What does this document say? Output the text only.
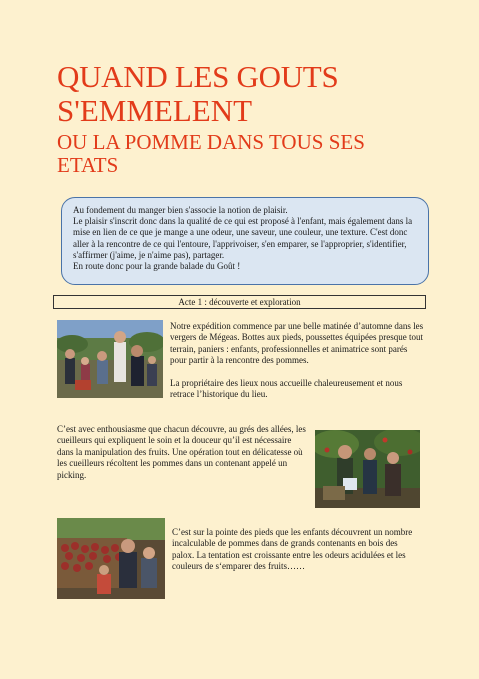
QUAND LES GOUTS
S'EMMELENT
OU LA POMME DANS TOUS SES ETATS

Au fondement du manger bien s'associe la notion de plaisir.

Le plaisir s'inscrit donc dans la qualité de ce qui est proposé à l'enfant, mais également dans la mise en lien de ce que je mange a une odeur, une saveur, une couleur, une texture. C'est donc aller à la rencontre de ce qui l'entoure, l'apprivoiser, s'en emparer, se l'approprier, s'identifier, s'affirmer (j'aime, je n'aime pas), partager.

En route donc pour la grande balade du Goût !

Acte 1 : découverte et exploration

Notre expédition commence par une belle matinée d’automne dans les vergers de Mégeas. Bottes aux pieds, poussettes équipées presque tout terrain, paniers : enfants, professionnelles et animatrice sont parés pour partir à la rencontre des pommes.

La propriétaire des lieux nous accueille chaleureusement et nous retrace l’historique du lieu.

C’est avec enthousiasme que chacun découvre, au grés des allées, les cueilleurs qui expliquent le soin et la douceur qu’il est nécessaire dans la manipulation des fruits. Une opération tout en délicatesse où les cueilleurs récoltent les pommes dans un contenant appelé un picking.

C’est sur la pointe des pieds que les enfants découvrent un nombre incalculable de pommes dans de grands contenants en bois des palox. La tentation est croissante entre les odeurs acidulées et les couleurs de s‘emparer des fruits……
